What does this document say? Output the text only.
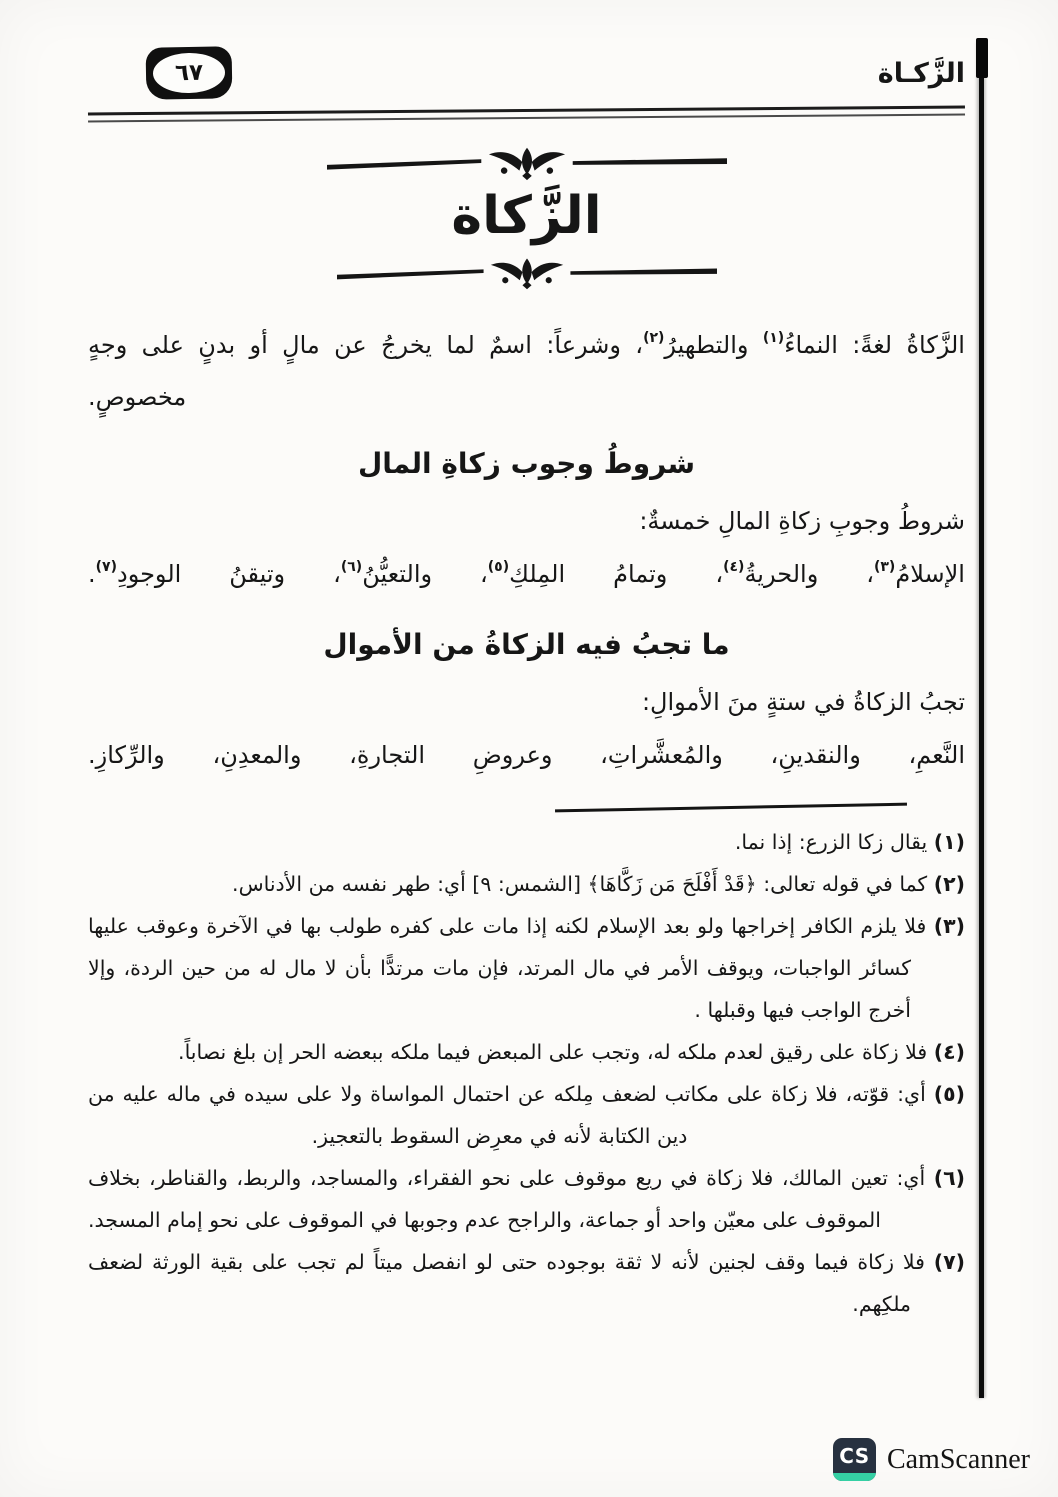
الزَّكـاة
٦٧
الزَّكاة

الزَّكاةُ لغةً: النماءُ$^{(١)}$ والتطهيرُ$^{(٢)}$، وشرعاً: اسمٌ لما يخرجُ عن مالٍ أو بدنٍ على وجهٍ مخصوصٍ.

شروطُ وجوب زكاةِ المال

شروطُ وجوبِ زكاةِ المالِ خمسةٌ:

الإسلامُ$^{(٣)}$، والحريةُ$^{(٤)}$، وتمامُ المِلكِ$^{(٥)}$، والتعيُّنُ$^{(٦)}$، وتيقنُ الوجودِ$^{(٧)}$.

ما تجبُ فيه الزكاةُ من الأموال

تجبُ الزكاةُ في ستةٍ منَ الأموالِ:

النَّعمِ، والنقدينِ، والمُعشَّراتِ، وعروضِ التجارةِ، والمعدِنِ، والرِّكازِ.

(١) يقال زكا الزرع: إذا نما.

(٢) كما في قوله تعالى: ﴿قَدْ أَفْلَحَ مَن زَكَّاهَا﴾ [الشمس: ٩] أي: طهر نفسه من الأدناس.

(٣) فلا يلزم الكافر إخراجها ولو بعد الإسلام لكنه إذا مات على كفره طولب بها في الآخرة وعوقب عليها كسائر الواجبات، ويوقف الأمر في مال المرتد، فإن مات مرتدًّا بأن لا مال له من حين الردة، وإلا أخرج الواجب فيها وقبلها .

(٤) فلا زكاة على رقيق لعدم ملكه له، وتجب على المبعض فيما ملكه ببعضه الحر إن بلغ نصاباً.

(٥) أي: قوّته، فلا زكاة على مكاتب لضعف مِلكه عن احتمال المواساة ولا على سيده في ماله عليه من دين الكتابة لأنه في معرِض السقوط بالتعجيز.

(٦) أي: تعين المالك، فلا زكاة في ريع موقوف على نحو الفقراء، والمساجد، والربط، والقناطر، بخلاف الموقوف على معيّن واحد أو جماعة، والراجح عدم وجوبها في الموقوف على نحو إمام المسجد.

(٧) فلا زكاة فيما وقف لجنين لأنه لا ثقة بوجوده حتى لو انفصل ميتاً لم تجب على بقية الورثة لضعف ملكِهم.

CS CamScanner
